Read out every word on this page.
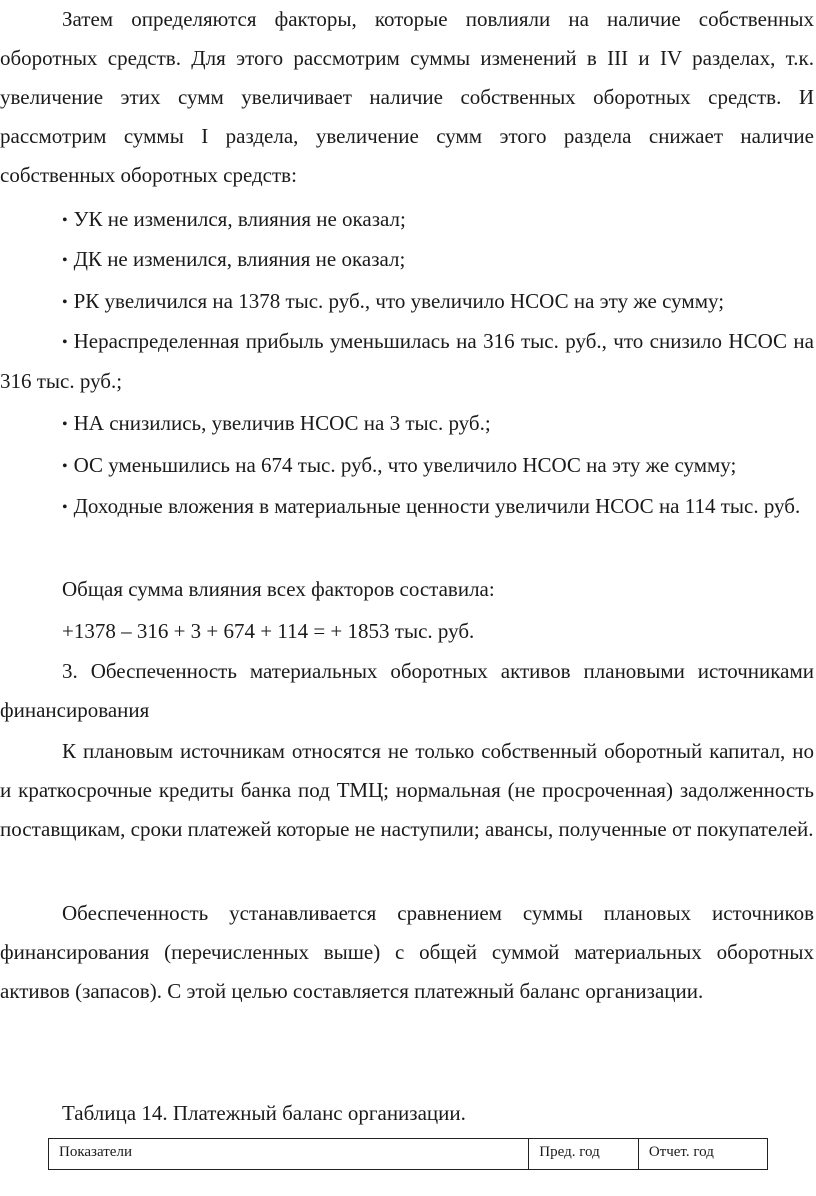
Затем определяются факторы, которые повлияли на наличие собственных оборотных средств. Для этого рассмотрим суммы изменений в III и IV разделах, т.к. увеличение этих сумм увеличивает наличие собственных оборотных средств. И рассмотрим суммы I раздела, увеличение сумм этого раздела снижает наличие собственных оборотных средств:

• УК не изменился, влияния не оказал;

• ДК не изменился, влияния не оказал;

• РК увеличился на 1378 тыс. руб., что увеличило НСОС на эту же сумму;

• Нераспределенная прибыль уменьшилась на 316 тыс. руб., что снизило НСОС на 316 тыс. руб.;

• НА снизились, увеличив НСОС на 3 тыс. руб.;

• ОС уменьшились на 674 тыс. руб., что увеличило НСОС на эту же сумму;

• Доходные вложения в материальные ценности увеличили НСОС на 114 тыс. руб.

Общая сумма влияния всех факторов составила:

+1378 – 316 + 3 + 674 + 114 = + 1853 тыс. руб.

3. Обеспеченность материальных оборотных активов плановыми источниками финансирования

К плановым источникам относятся не только собственный оборотный капитал, но и краткосрочные кредиты банка под ТМЦ; нормальная (не просроченная) задолженность поставщикам, сроки платежей которые не наступили; авансы, полученные от покупателей.

Обеспеченность устанавливается сравнением суммы плановых источников финансирования (перечисленных выше) с общей суммой материальных оборотных активов (запасов). С этой целью составляется платежный баланс организации.

Таблица 14. Платежный баланс организации.

Показатели	Пред. год	Отчет. год
